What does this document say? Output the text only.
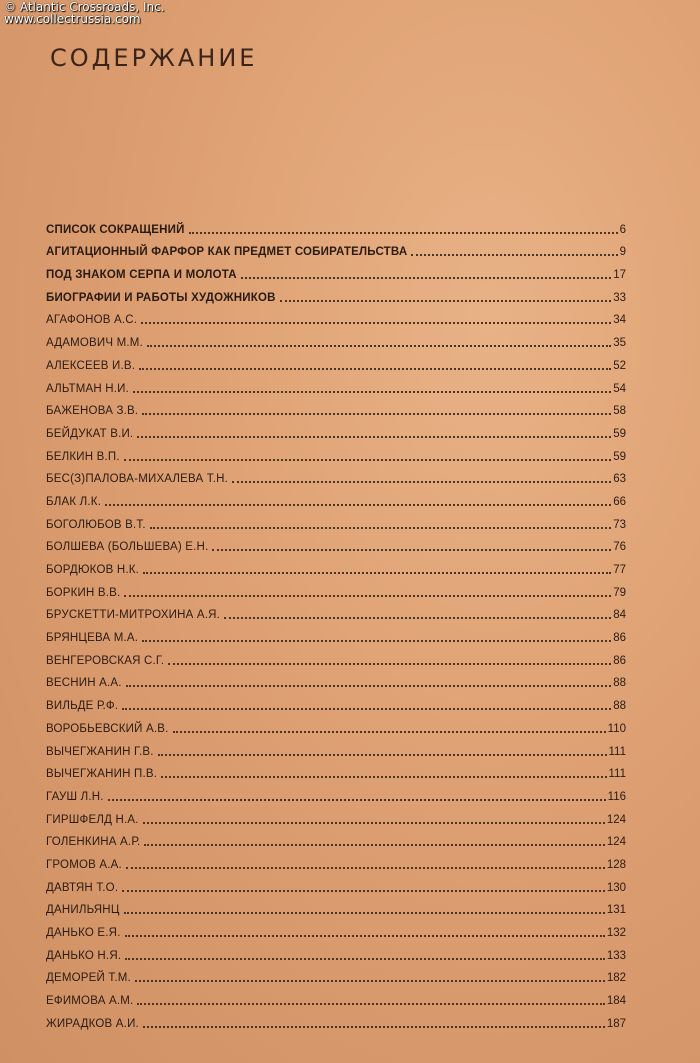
© Atlantic Crossroads, Inc.
www.collectrussia.com
СОДЕРЖАНИЕ
СПИСОК СОКРАЩЕНИЙ	6
АГИТАЦИОННЫЙ ФАРФОР КАК ПРЕДМЕТ СОБИРАТЕЛЬСТВА	9
ПОД ЗНАКОМ СЕРПА И МОЛОТА	17
БИОГРАФИИ И РАБОТЫ ХУДОЖНИКОВ	33
АГАФОНОВ А.С.	34
АДАМОВИЧ М.М.	35
АЛЕКСЕЕВ И.В.	52
АЛЬТМАН Н.И.	54
БАЖЕНОВА З.В.	58
БЕЙДУКАТ В.И.	59
БЕЛКИН В.П.	59
БЕС(З)ПАЛОВА-МИХАЛЕВА Т.Н.	63
БЛАК Л.К.	66
БОГОЛЮБОВ В.Т.	73
БОЛШЕВА (БОЛЬШЕВА) Е.Н.	76
БОРДЮКОВ Н.К.	77
БОРКИН В.В.	79
БРУСКЕТТИ-МИТРОХИНА А.Я.	84
БРЯНЦЕВА М.А.	86
ВЕНГЕРОВСКАЯ С.Г.	86
ВЕСНИН А.А.	88
ВИЛЬДЕ Р.Ф.	88
ВОРОБЬЕВСКИЙ А.В.	110
ВЫЧЕГЖАНИН Г.В.	111
ВЫЧЕГЖАНИН П.В.	111
ГАУШ Л.Н.	116
ГИРШФЕЛД Н.А.	124
ГОЛЕНКИНА А.Р.	124
ГРОМОВ А.А.	128
ДАВТЯН Т.О.	130
ДАНИЛЬЯНЦ	131
ДАНЬКО Е.Я.	132
ДАНЬКО Н.Я.	133
ДЕМОРЕЙ Т.М.	182
ЕФИМОВА А.М.	184
ЖИРАДКОВ А.И.	187
